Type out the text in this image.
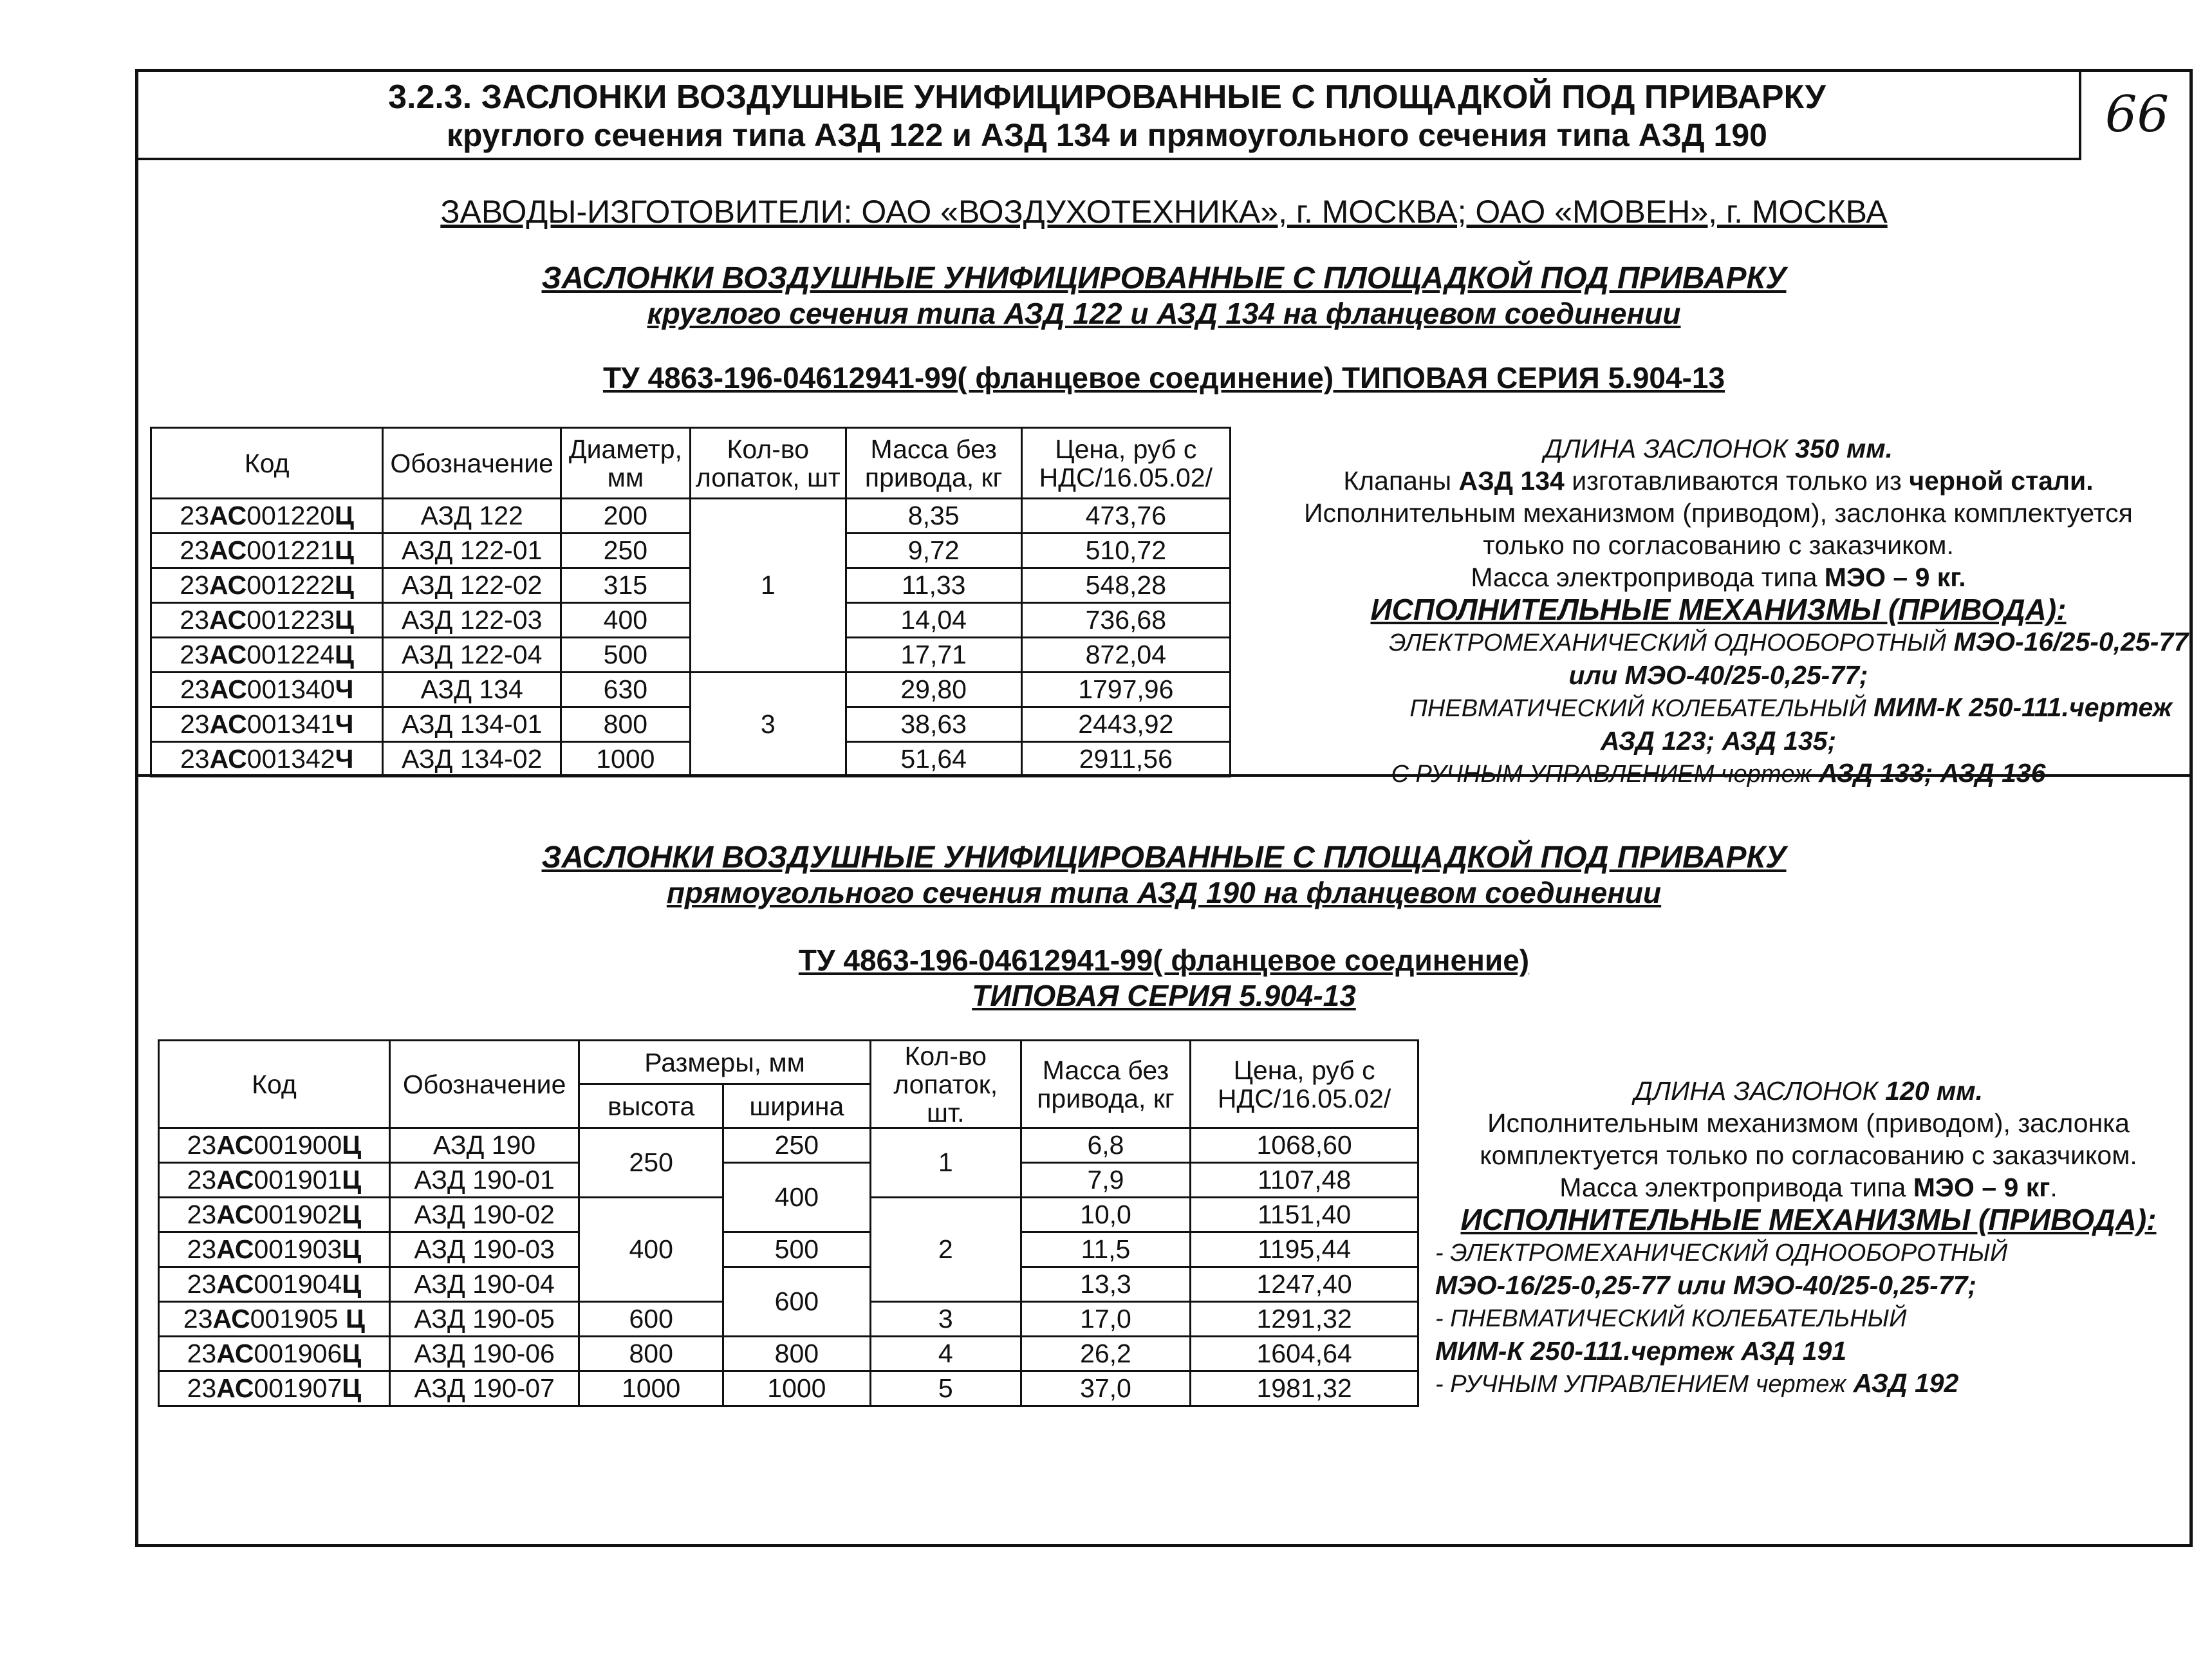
3.2.3. ЗАСЛОНКИ ВОЗДУШНЫЕ УНИФИЦИРОВАННЫЕ С ПЛОЩАДКОЙ ПОД ПРИВАРКУ
круглого сечения типа АЗД 122 и АЗД 134 и прямоугольного сечения типа АЗД 190	66
ЗАВОДЫ-ИЗГОТОВИТЕЛИ: ОАО «ВОЗДУХОТЕХНИКА», г. МОСКВА; ОАО «МОВЕН», г. МОСКВА
ЗАСЛОНКИ ВОЗДУШНЫЕ УНИФИЦИРОВАННЫЕ С ПЛОЩАДКОЙ ПОД ПРИВАРКУ
круглого сечения типа АЗД 122 и АЗД 134 на фланцевом соединении
ТУ 4863-196-04612941-99( фланцевое соединение) ТИПОВАЯ СЕРИЯ 5.904-13
Код	Обозначение	Диаметр, мм	Кол-во лопаток, шт	Масса без привода, кг	Цена, руб с НДС/16.05.02/
23АС001220Ц	АЗД 122	200	1	8,35	473,76
23АС001221Ц	АЗД 122-01	250		9,72	510,72
23АС001222Ц	АЗД 122-02	315		11,33	548,28
23АС001223Ц	АЗД 122-03	400		14,04	736,68
23АС001224Ц	АЗД 122-04	500		17,71	872,04
23АС001340Ч	АЗД 134	630	3	29,80	1797,96
23АС001341Ч	АЗД 134-01	800		38,63	2443,92
23АС001342Ч	АЗД 134-02	1000		51,64	2911,56

ДЛИНА ЗАСЛОНОК 350 мм.

Клапаны АЗД 134 изготавливаются только из черной стали.

Исполнительным механизмом (приводом), заслонка комплектуется

только по согласованию с заказчиком.

Масса электропривода типа МЭО – 9 кг.

ИСПОЛНИТЕЛЬНЫЕ МЕХАНИЗМЫ (ПРИВОДА):

ЭЛЕКТРОМЕХАНИЧЕСКИЙ ОДНООБОРОТНЫЙ МЭО-16/25-0,25-77

или МЭО-40/25-0,25-77;

ПНЕВМАТИЧЕСКИЙ КОЛЕБАТЕЛЬНЫЙ МИМ-К 250-111.чертеж

АЗД 123; АЗД 135;

С РУЧНЫМ УПРАВЛЕНИЕМ чертеж АЗД 133; АЗД 136

ЗАСЛОНКИ ВОЗДУШНЫЕ УНИФИЦИРОВАННЫЕ С ПЛОЩАДКОЙ ПОД ПРИВАРКУ
прямоугольного сечения типа АЗД 190 на фланцевом соединении
ТУ 4863-196-04612941-99( фланцевое соединение)
ТИПОВАЯ СЕРИЯ 5.904-13
Код	Обозначение	Размеры, мм		Кол-во лопаток, шт.	Масса без привода, кг	Цена, руб с НДС/16.05.02/
		высота	ширина			
23АС001900Ц	АЗД 190	250	250	1	6,8	1068,60
23АС001901Ц	АЗД 190-01		400		7,9	1107,48
23АС001902Ц	АЗД 190-02	400		2	10,0	1151,40
23АС001903Ц	АЗД 190-03		500		11,5	1195,44
23АС001904Ц	АЗД 190-04		600		13,3	1247,40
23АС001905 Ц	АЗД 190-05	600		3	17,0	1291,32
23АС001906Ц	АЗД 190-06	800	800	4	26,2	1604,64
23АС001907Ц	АЗД 190-07	1000	1000	5	37,0	1981,32

ДЛИНА ЗАСЛОНОК 120 мм.

Исполнительным механизмом (приводом), заслонка

комплектуется только по согласованию с заказчиком.

Масса электропривода типа МЭО – 9 кг.

ИСПОЛНИТЕЛЬНЫЕ МЕХАНИЗМЫ (ПРИВОДА):

- ЭЛЕКТРОМЕХАНИЧЕСКИЙ ОДНООБОРОТНЫЙ

МЭО-16/25-0,25-77 или МЭО-40/25-0,25-77;

- ПНЕВМАТИЧЕСКИЙ КОЛЕБАТЕЛЬНЫЙ

МИМ-К 250-111.чертеж АЗД 191

- РУЧНЫМ УПРАВЛЕНИЕМ чертеж АЗД 192
